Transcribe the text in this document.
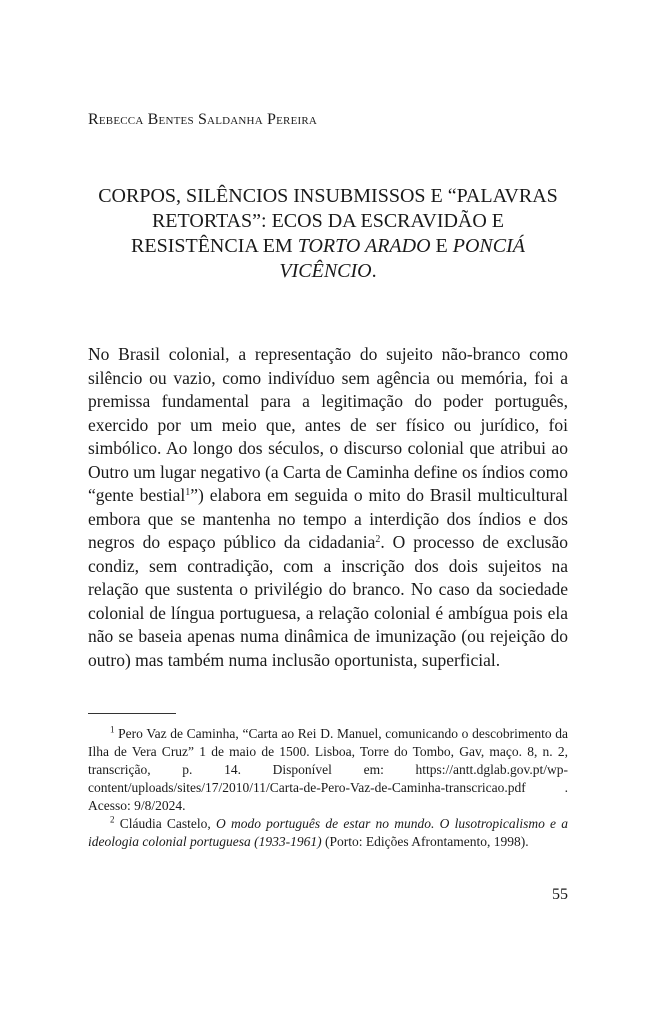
Rebecca Bentes Saldanha Pereira
CORPOS, SILÊNCIOS INSUBMISSOS E “PALAVRAS RETORTAS”: ECOS DA ESCRAVIDÃO E RESISTÊNCIA EM TORTO ARADO E PONCIÁ VICÊNCIO.

No Brasil colonial, a representação do sujeito não-branco como silêncio ou vazio, como indivíduo sem agência ou memória, foi a premissa fundamental para a legitimação do poder português, exercido por um meio que, antes de ser físico ou jurídico, foi simbólico. Ao longo dos séculos, o discurso colonial que atribui ao Outro um lugar negativo (a Carta de Caminha define os índios como “gente bestial$^1$”) elabora em seguida o mito do Brasil multicultural embora que se mantenha no tempo a interdição dos índios e dos negros do espaço público da cidadania$^2$. O processo de exclusão condiz, sem contradição, com a inscrição dos dois sujeitos na relação que sustenta o privilégio do branco. No caso da sociedade colonial de língua portuguesa, a relação colonial é ambígua pois ela não se baseia apenas numa dinâmica de imunização (ou rejeição do outro) mas também numa inclusão oportunista, superficial.

$^1$ Pero Vaz de Caminha, “Carta ao Rei D. Manuel, comunicando o descobrimento da Ilha de Vera Cruz” 1 de maio de 1500. Lisboa, Torre do Tombo, Gav, maço. 8, n. 2, transcrição, p. 14. Disponível em: https://antt.dglab.gov.pt/wp-content/uploads/sites/17/2010/11/Carta-de-Pero-Vaz-de-Caminha-transcricao.pdf . Acesso: 9/8/2024.

$^2$ Cláudia Castelo, O modo português de estar no mundo. O lusotropicalismo e a ideologia colonial portuguesa (1933-1961) (Porto: Edições Afrontamento, 1998).

55
